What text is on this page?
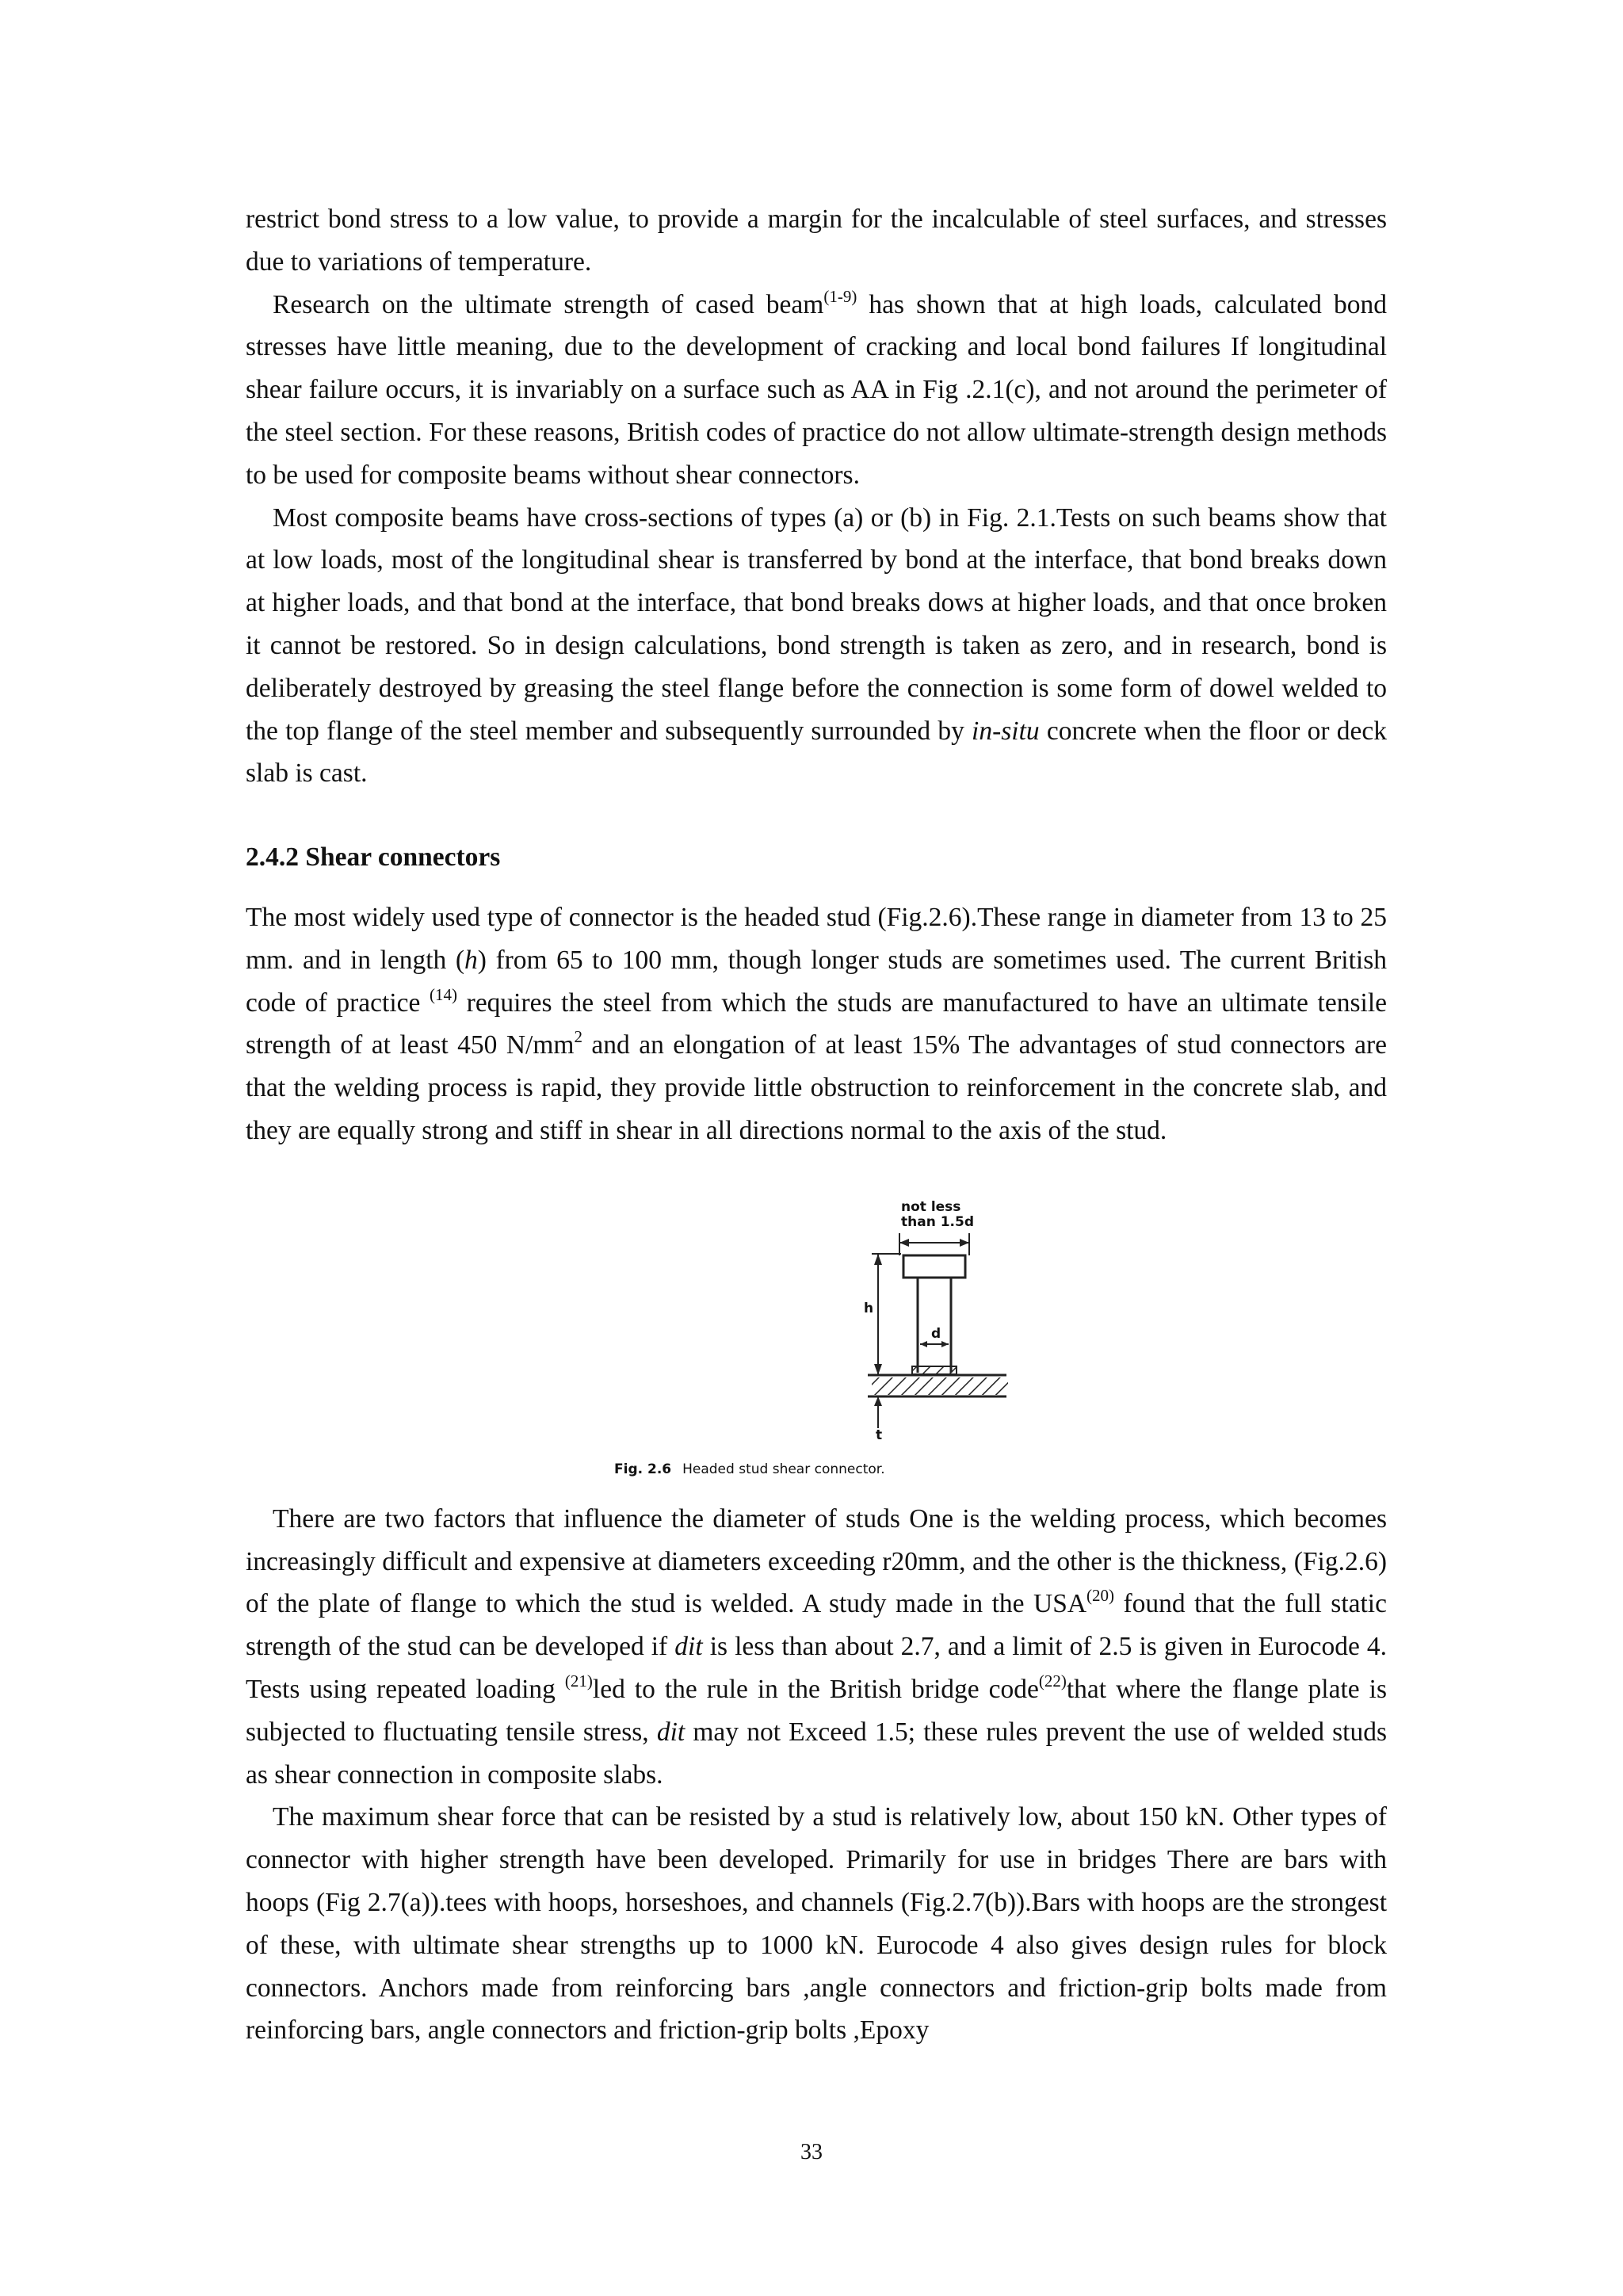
restrict bond stress to a low value, to provide a margin for the incalculable of steel surfaces, and stresses due to variations of temperature.

Research on the ultimate strength of cased beam$^{(1-9)}$ has shown that at high loads, calculated bond stresses have little meaning, due to the development of cracking and local bond failures If longitudinal shear failure occurs, it is invariably on a surface such as AA in Fig .2.1(c), and not around the perimeter of the steel section. For these reasons, British codes of practice do not allow ultimate-strength design methods to be used for composite beams without shear connectors.

Most composite beams have cross-sections of types (a) or (b) in Fig. 2.1.Tests on such beams show that at low loads, most of the longitudinal shear is transferred by bond at the interface, that bond breaks down at higher loads, and that bond at the interface, that bond breaks dows at higher loads, and that once broken it cannot be restored. So in design calculations, bond strength is taken as zero, and in research, bond is deliberately destroyed by greasing the steel flange before the connection is some form of dowel welded to the top flange of the steel member and subsequently surrounded by in-situ concrete when the floor or deck slab is cast.

2.4.2 Shear connectors

The most widely used type of connector is the headed stud (Fig.2.6).These range in diameter from 13 to 25 mm. and in length (h) from 65 to 100 mm, though longer studs are sometimes used. The current British code of practice $^{(14)}$ requires the steel from which the studs are manufactured to have an ultimate tensile strength of at least 450 $N/mm^2$ and an elongation of at least 15% The advantages of stud connectors are that the welding process is rapid, they provide little obstruction to reinforcement in the concrete slab, and they are equally strong and stiff in shear in all directions normal to the axis of the stud.

not less
than 1.5d
h
d
t
Fig. 2.6 Headed stud shear connector.

There are two factors that influence the diameter of studs One is the welding process, which becomes increasingly difficult and expensive at diameters exceeding r20mm, and the other is the thickness, (Fig.2.6) of the plate of flange to which the stud is welded. A study made in the USA$^{(20)}$ found that the full static strength of the stud can be developed if dit is less than about 2.7, and a limit of 2.5 is given in Eurocode 4. Tests using repeated loading $^{(21)}$led to the rule in the British bridge code$^{(22)}$that where the flange plate is subjected to fluctuating tensile stress, dit may not Exceed 1.5; these rules prevent the use of welded studs as shear connection in composite slabs.

The maximum shear force that can be resisted by a stud is relatively low, about 150 kN. Other types of connector with higher strength have been developed. Primarily for use in bridges There are bars with hoops (Fig 2.7(a)).tees with hoops, horseshoes, and channels (Fig.2.7(b)).Bars with hoops are the strongest of these, with ultimate shear strengths up to 1000 kN. Eurocode 4 also gives design rules for block connectors. Anchors made from reinforcing bars ,angle connectors and friction-grip bolts made from reinforcing bars, angle connectors and friction-grip bolts ,Epoxy

33
